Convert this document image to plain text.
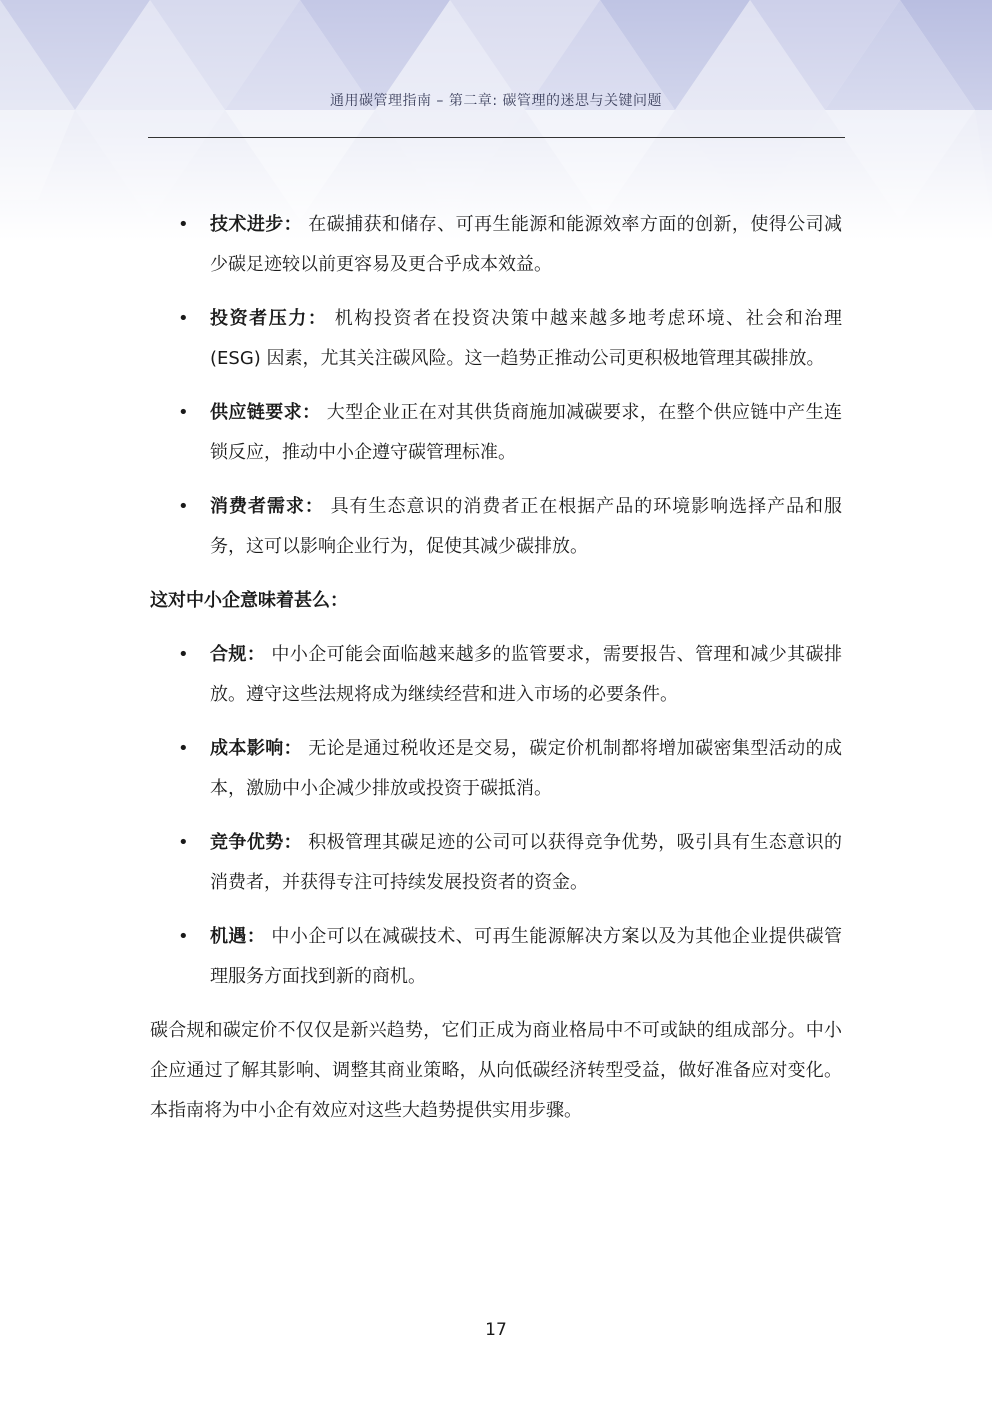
通用碳管理指南 – 第二章: 碳管理的迷思与关键问题
• 技术进步： 在碳捕获和储存、可再生能源和能源效率方面的创新，使得公司减少碳足迹较以前更容易及更合乎成本效益。
• 投资者压力： 机构投资者在投资决策中越来越多地考虑环境、社会和治理 (ESG) 因素，尤其关注碳风险。这一趋势正推动公司更积极地管理其碳排放。
• 供应链要求： 大型企业正在对其供货商施加减碳要求，在整个供应链中产生连锁反应，推动中小企遵守碳管理标准。
• 消费者需求： 具有生态意识的消费者正在根据产品的环境影响选择产品和服务，这可以影响企业行为，促使其减少碳排放。
这对中小企意味着甚么：
• 合规： 中小企可能会面临越来越多的监管要求，需要报告、管理和减少其碳排放。遵守这些法规将成为继续经营和进入市场的必要条件。
• 成本影响： 无论是通过税收还是交易，碳定价机制都将增加碳密集型活动的成本，激励中小企减少排放或投资于碳抵消。
• 竞争优势： 积极管理其碳足迹的公司可以获得竞争优势，吸引具有生态意识的消费者，并获得专注可持续发展投资者的资金。
• 机遇： 中小企可以在减碳技术、可再生能源解决方案以及为其他企业提供碳管理服务方面找到新的商机。

碳合规和碳定价不仅仅是新兴趋势，它们正成为商业格局中不可或缺的组成部分。中小企应通过了解其影响、调整其商业策略，从向低碳经济转型受益，做好准备应对变化。本指南将为中小企有效应对这些大趋势提供实用步骤。

17
